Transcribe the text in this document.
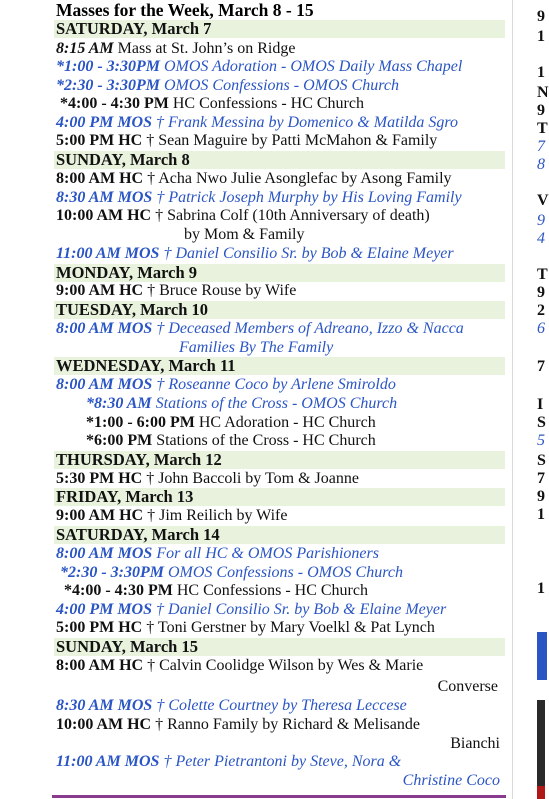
Masses for the Week, March 8 - 15
SATURDAY, March 7
8:15 AM Mass at St. John’s on Ridge
*1:00 - 3:30PM OMOS Adoration - OMOS Daily Mass Chapel
*2:30 - 3:30PM OMOS Confessions - OMOS Church
*4:00 - 4:30 PM HC Confessions - HC Church
4:00 PM MOS † Frank Messina by Domenico & Matilda Sgro
5:00 PM HC † Sean Maguire by Patti McMahon & Family
SUNDAY, March 8
8:00 AM HC † Acha Nwo Julie Asonglefac by Asong Family
8:30 AM MOS † Patrick Joseph Murphy by His Loving Family
10:00 AM HC † Sabrina Colf (10th Anniversary of death)
by Mom & Family
11:00 AM MOS † Daniel Consilio Sr. by Bob & Elaine Meyer
MONDAY, March 9
9:00 AM HC † Bruce Rouse by Wife
TUESDAY, March 10
8:00 AM MOS † Deceased Members of Adreano, Izzo & Nacca
Families By The Family
WEDNESDAY, March 11
8:00 AM MOS † Roseanne Coco by Arlene Smiroldo
*8:30 AM Stations of the Cross - OMOS Church
*1:00 - 6:00 PM HC Adoration - HC Church
*6:00 PM Stations of the Cross - HC Church
THURSDAY, March 12
5:30 PM HC † John Baccoli by Tom & Joanne
FRIDAY, March 13
9:00 AM HC † Jim Reilich by Wife
SATURDAY, March 14
8:00 AM MOS For all HC & OMOS Parishioners
*2:30 - 3:30PM OMOS Confessions - OMOS Church
*4:00 - 4:30 PM HC Confessions - HC Church
4:00 PM MOS † Daniel Consilio Sr. by Bob & Elaine Meyer
5:00 PM HC † Toni Gerstner by Mary Voelkl & Pat Lynch
SUNDAY, March 15
8:00 AM HC † Calvin Coolidge Wilson by Wes & Marie
Converse
8:30 AM MOS † Colette Courtney by Theresa Leccese
10:00 AM HC † Ranno Family by Richard & Melisande
Bianchi
11:00 AM MOS † Peter Pietrantoni by Steve, Nora &
Christine Coco
9
1
1
N
9
T
7
8
V
9
4
T
9
2
6
7
I
S
5
S
7
9
1
1
